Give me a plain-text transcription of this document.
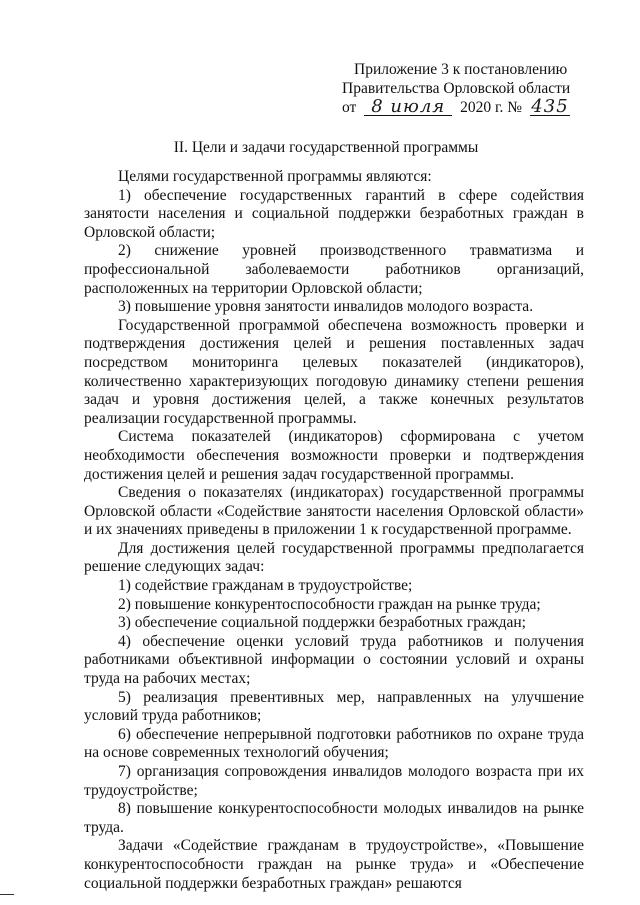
Приложение 3 к постановлению
Правительства Орловской области
от 8 июля 2020 г. № 435
II. Цели и задачи государственной программы

Целями государственной программы являются:

1) обеспечение государственных гарантий в сфере содействия занятости населения и социальной поддержки безработных граждан в Орловской области;

2) снижение уровней производственного травматизма и профессиональной заболеваемости работников организаций, расположенных на территории Орловской области;

3) повышение уровня занятости инвалидов молодого возраста.

Государственной программой обеспечена возможность проверки и подтверждения достижения целей и решения поставленных задач посредством мониторинга целевых показателей (индикаторов), количественно характеризующих погодовую динамику степени решения задач и уровня достижения целей, а также конечных результатов реализации государственной программы.

Система показателей (индикаторов) сформирована с учетом необходимости обеспечения возможности проверки и подтверждения достижения целей и решения задач государственной программы.

Сведения о показателях (индикаторах) государственной программы Орловской области «Содействие занятости населения Орловской области» и их значениях приведены в приложении 1 к государственной программе.

Для достижения целей государственной программы предполагается решение следующих задач:

1) содействие гражданам в трудоустройстве;

2) повышение конкурентоспособности граждан на рынке труда;

3) обеспечение социальной поддержки безработных граждан;

4) обеспечение оценки условий труда работников и получения работниками объективной информации о состоянии условий и охраны труда на рабочих местах;

5) реализация превентивных мер, направленных на улучшение условий труда работников;

6) обеспечение непрерывной подготовки работников по охране труда на основе современных технологий обучения;

7) организация сопровождения инвалидов молодого возраста при их трудоустройстве;

8) повышение конкурентоспособности молодых инвалидов на рынке труда.

Задачи «Содействие гражданам в трудоустройстве», «Повышение конкурентоспособности граждан на рынке труда» и «Обеспечение социальной поддержки безработных граждан» решаются
